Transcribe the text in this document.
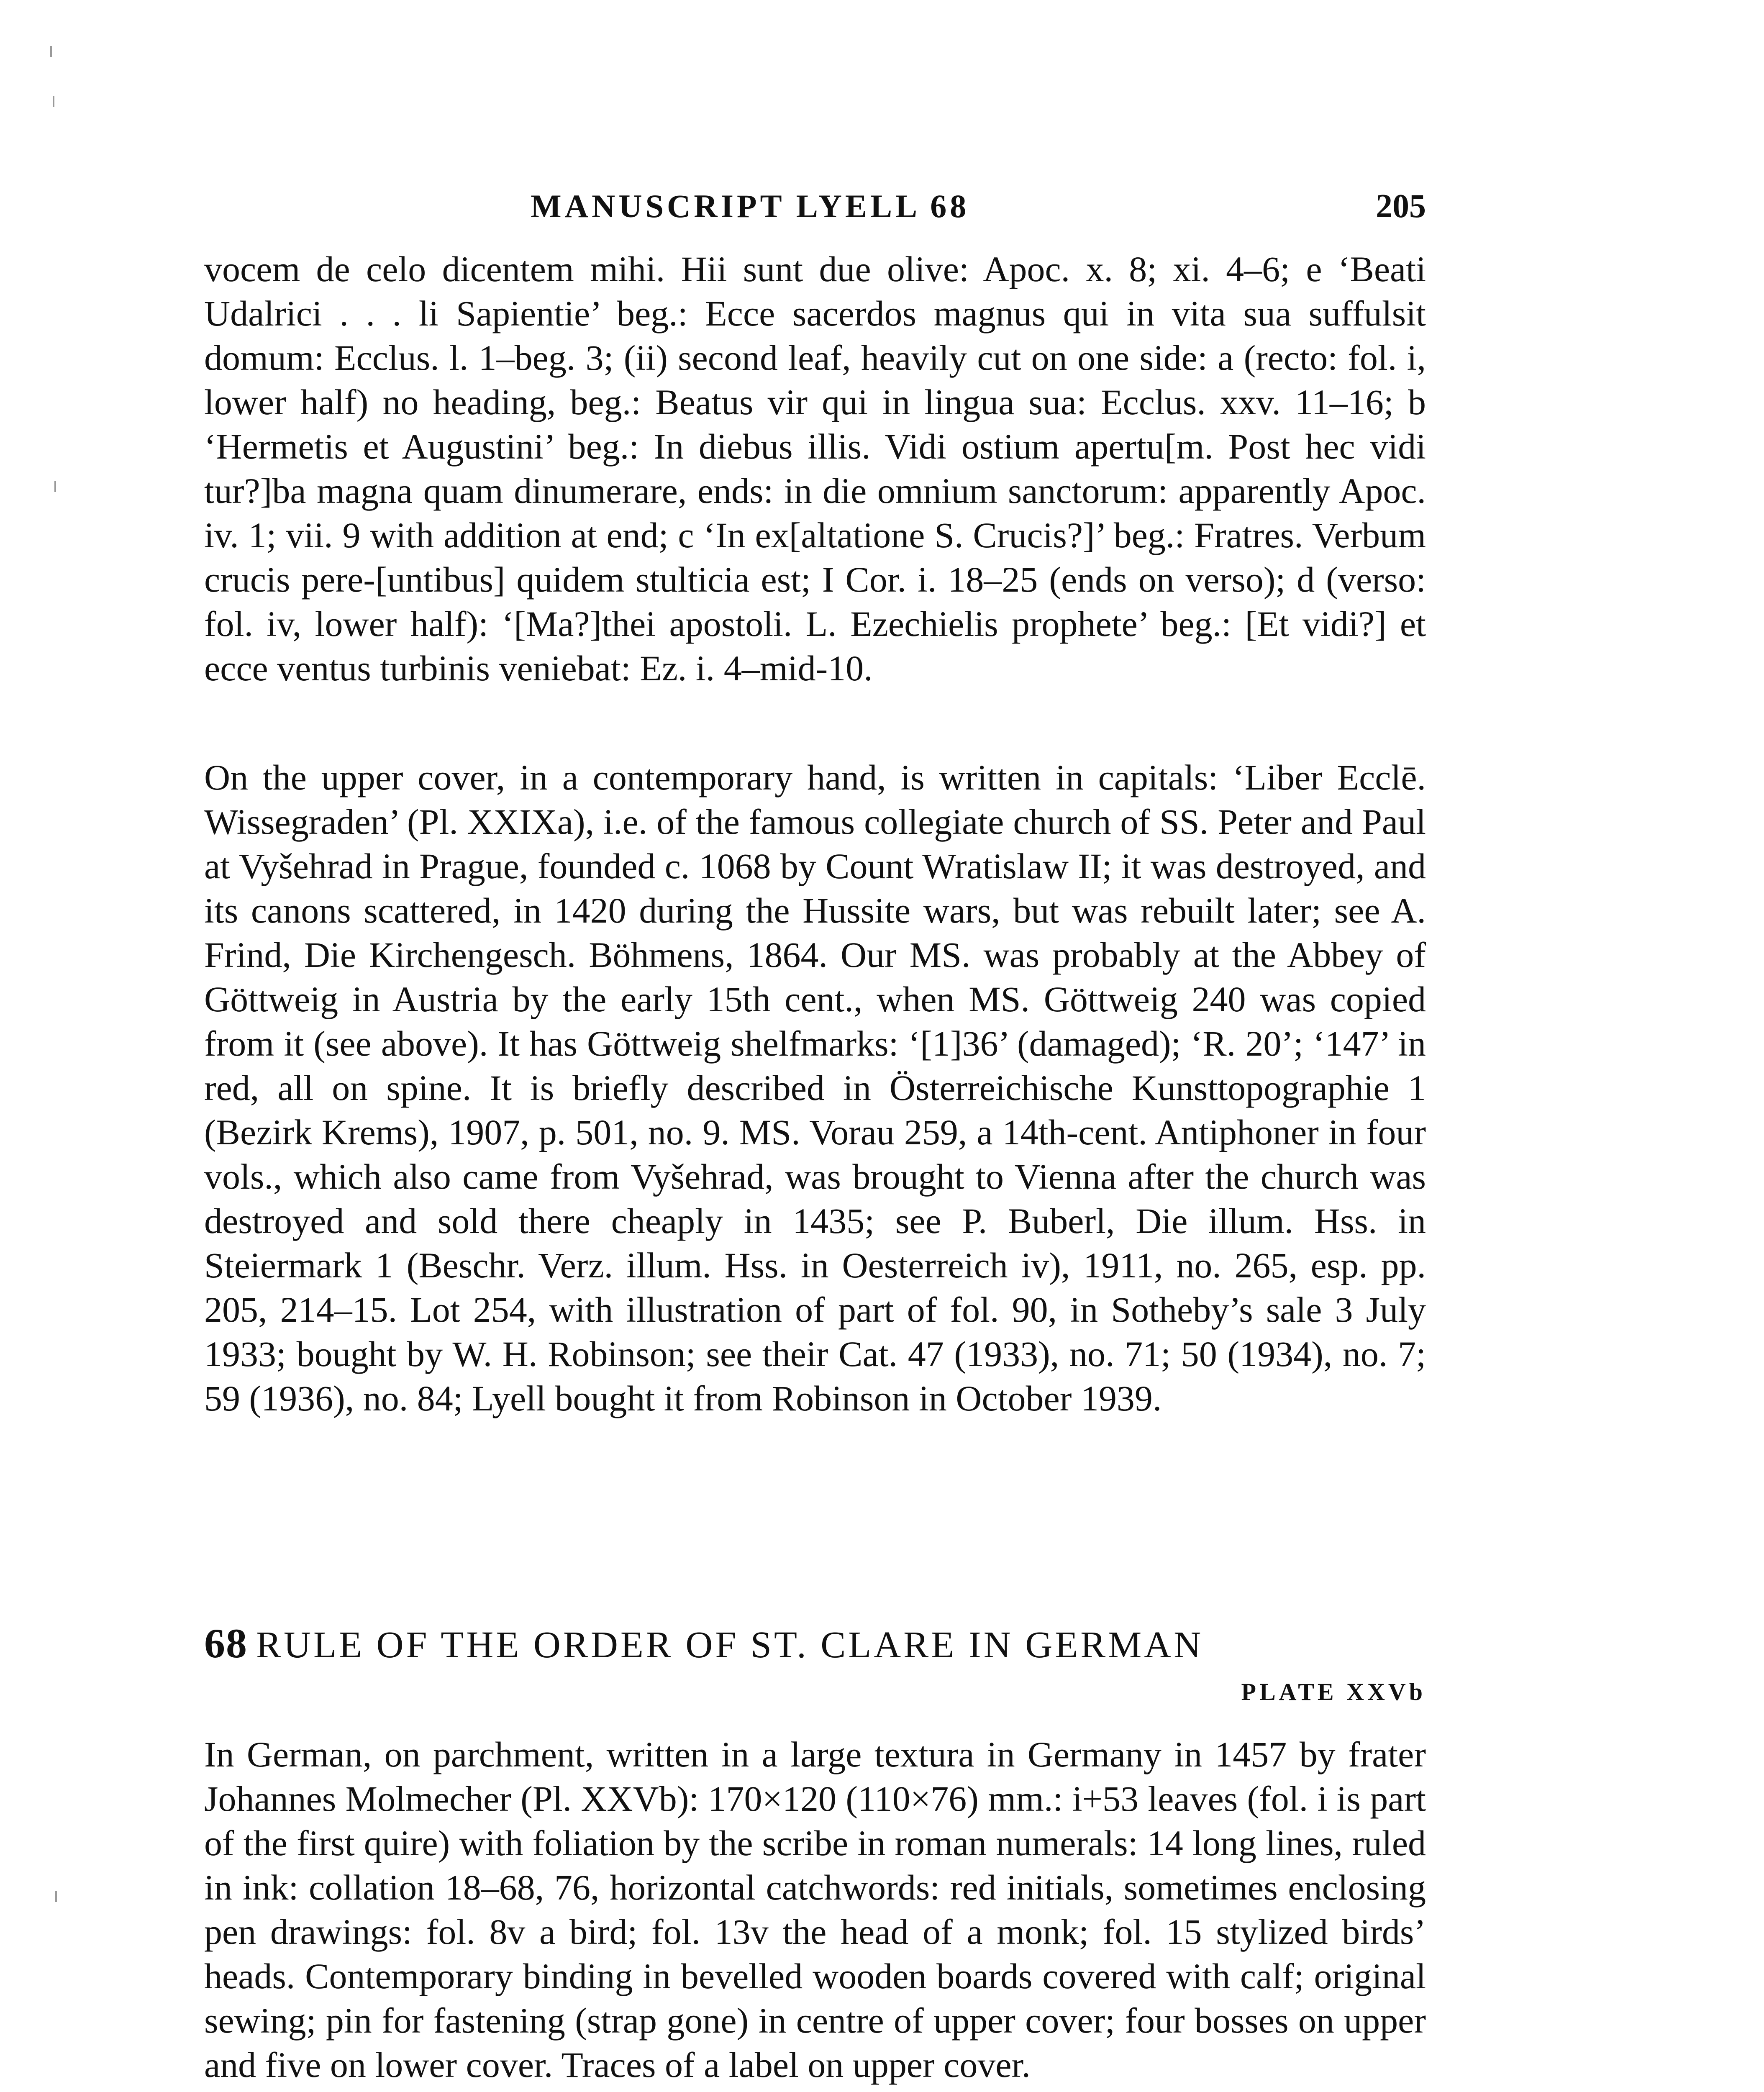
MANUSCRIPT LYELL 68	205
vocem de celo dicentem mihi. Hii sunt due olive: Apoc. x. 8; xi. 4–6; e ‘Beati Udalrici . . . li Sapientie’ beg.: Ecce sacerdos magnus qui in vita sua suffulsit domum: Ecclus. l. 1–beg. 3; (ii) second leaf, heavily cut on one side: a (recto: fol. i, lower half) no heading, beg.: Beatus vir qui in lingua sua: Ecclus. xxv. 11–16; b ‘Hermetis et Augustini’ beg.: In diebus illis. Vidi ostium apertu[m. Post hec vidi tur?]ba magna quam dinumerare, ends: in die omnium sanctorum: apparently Apoc. iv. 1; vii. 9 with addition at end; c ‘In ex[altatione S. Crucis?]’ beg.: Fratres. Verbum crucis pere-[untibus] quidem stulticia est; I Cor. i. 18–25 (ends on verso); d (verso: fol. iv, lower half): ‘[Ma?]thei apostoli. L. Ezechielis prophete’ beg.: [Et vidi?] et ecce ventus turbinis veniebat: Ez. i. 4–mid-10.
On the upper cover, in a contemporary hand, is written in capitals: ‘Liber Ecclē. Wissegraden’ (Pl. XXIXa), i.e. of the famous collegiate church of SS. Peter and Paul at Vyšehrad in Prague, founded c. 1068 by Count Wratislaw II; it was destroyed, and its canons scattered, in 1420 during the Hussite wars, but was rebuilt later; see A. Frind, Die Kirchengesch. Böhmens, 1864. Our MS. was probably at the Abbey of Göttweig in Austria by the early 15th cent., when MS. Göttweig 240 was copied from it (see above). It has Göttweig shelfmarks: ‘[1]36’ (damaged); ‘R. 20’; ‘147’ in red, all on spine. It is briefly described in Österreichische Kunsttopographie 1 (Bezirk Krems), 1907, p. 501, no. 9. MS. Vorau 259, a 14th-cent. Antiphoner in four vols., which also came from Vyšehrad, was brought to Vienna after the church was destroyed and sold there cheaply in 1435; see P. Buberl, Die illum. Hss. in Steiermark 1 (Beschr. Verz. illum. Hss. in Oesterreich iv), 1911, no. 265, esp. pp. 205, 214–15. Lot 254, with illustration of part of fol. 90, in Sotheby’s sale 3 July 1933; bought by W. H. Robinson; see their Cat. 47 (1933), no. 71; 50 (1934), no. 7; 59 (1936), no. 84; Lyell bought it from Robinson in October 1939.
68 RULE OF THE ORDER OF ST. CLARE IN GERMAN
PLATE XXVb
In German, on parchment, written in a large textura in Germany in 1457 by frater Johannes Molmecher (Pl. XXVb): 170×120 (110×76) mm.: i+53 leaves (fol. i is part of the first quire) with foliation by the scribe in roman numerals: 14 long lines, ruled in ink: collation 18–68, 76, horizontal catchwords: red initials, sometimes enclosing pen drawings: fol. 8v a bird; fol. 13v the head of a monk; fol. 15 stylized birds’ heads. Contemporary binding in bevelled wooden boards covered with calf; original sewing; pin for fastening (strap gone) in centre of upper cover; four bosses on upper and five on lower cover. Traces of a label on upper cover.
